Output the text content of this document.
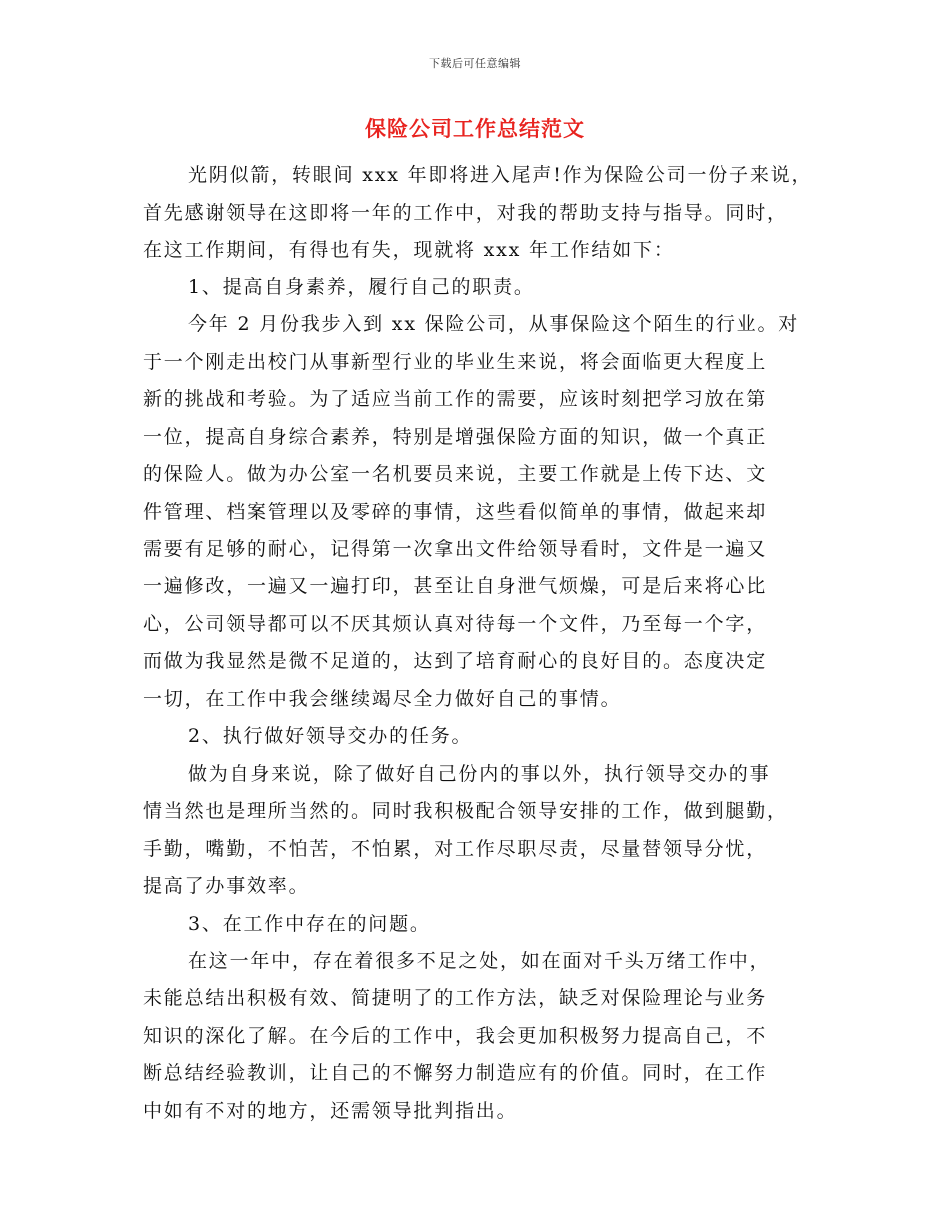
下载后可任意编辑
保险公司工作总结范文
光阴似箭，转眼间 xxx 年即将进入尾声!作为保险公司一份子来说，
首先感谢领导在这即将一年的工作中，对我的帮助支持与指导。同时，
在这工作期间，有得也有失，现就将 xxx 年工作结如下：
1、提高自身素养，履行自己的职责。
今年 2 月份我步入到 xx 保险公司，从事保险这个陌生的行业。对
于一个刚走出校门从事新型行业的毕业生来说，将会面临更大程度上
新的挑战和考验。为了适应当前工作的需要，应该时刻把学习放在第
一位，提高自身综合素养，特别是增强保险方面的知识，做一个真正
的保险人。做为办公室一名机要员来说，主要工作就是上传下达、文
件管理、档案管理以及零碎的事情，这些看似简单的事情，做起来却
需要有足够的耐心，记得第一次拿出文件给领导看时，文件是一遍又
一遍修改，一遍又一遍打印，甚至让自身泄气烦燥，可是后来将心比
心，公司领导都可以不厌其烦认真对待每一个文件，乃至每一个字，
而做为我显然是微不足道的，达到了培育耐心的良好目的。态度决定
一切，在工作中我会继续竭尽全力做好自己的事情。
2、执行做好领导交办的任务。
做为自身来说，除了做好自己份内的事以外，执行领导交办的事
情当然也是理所当然的。同时我积极配合领导安排的工作，做到腿勤，
手勤，嘴勤，不怕苦，不怕累，对工作尽职尽责，尽量替领导分忧，
提高了办事效率。
3、在工作中存在的问题。
在这一年中，存在着很多不足之处，如在面对千头万绪工作中，
未能总结出积极有效、简捷明了的工作方法，缺乏对保险理论与业务
知识的深化了解。在今后的工作中，我会更加积极努力提高自己，不
断总结经验教训，让自己的不懈努力制造应有的价值。同时，在工作
中如有不对的地方，还需领导批判指出。
